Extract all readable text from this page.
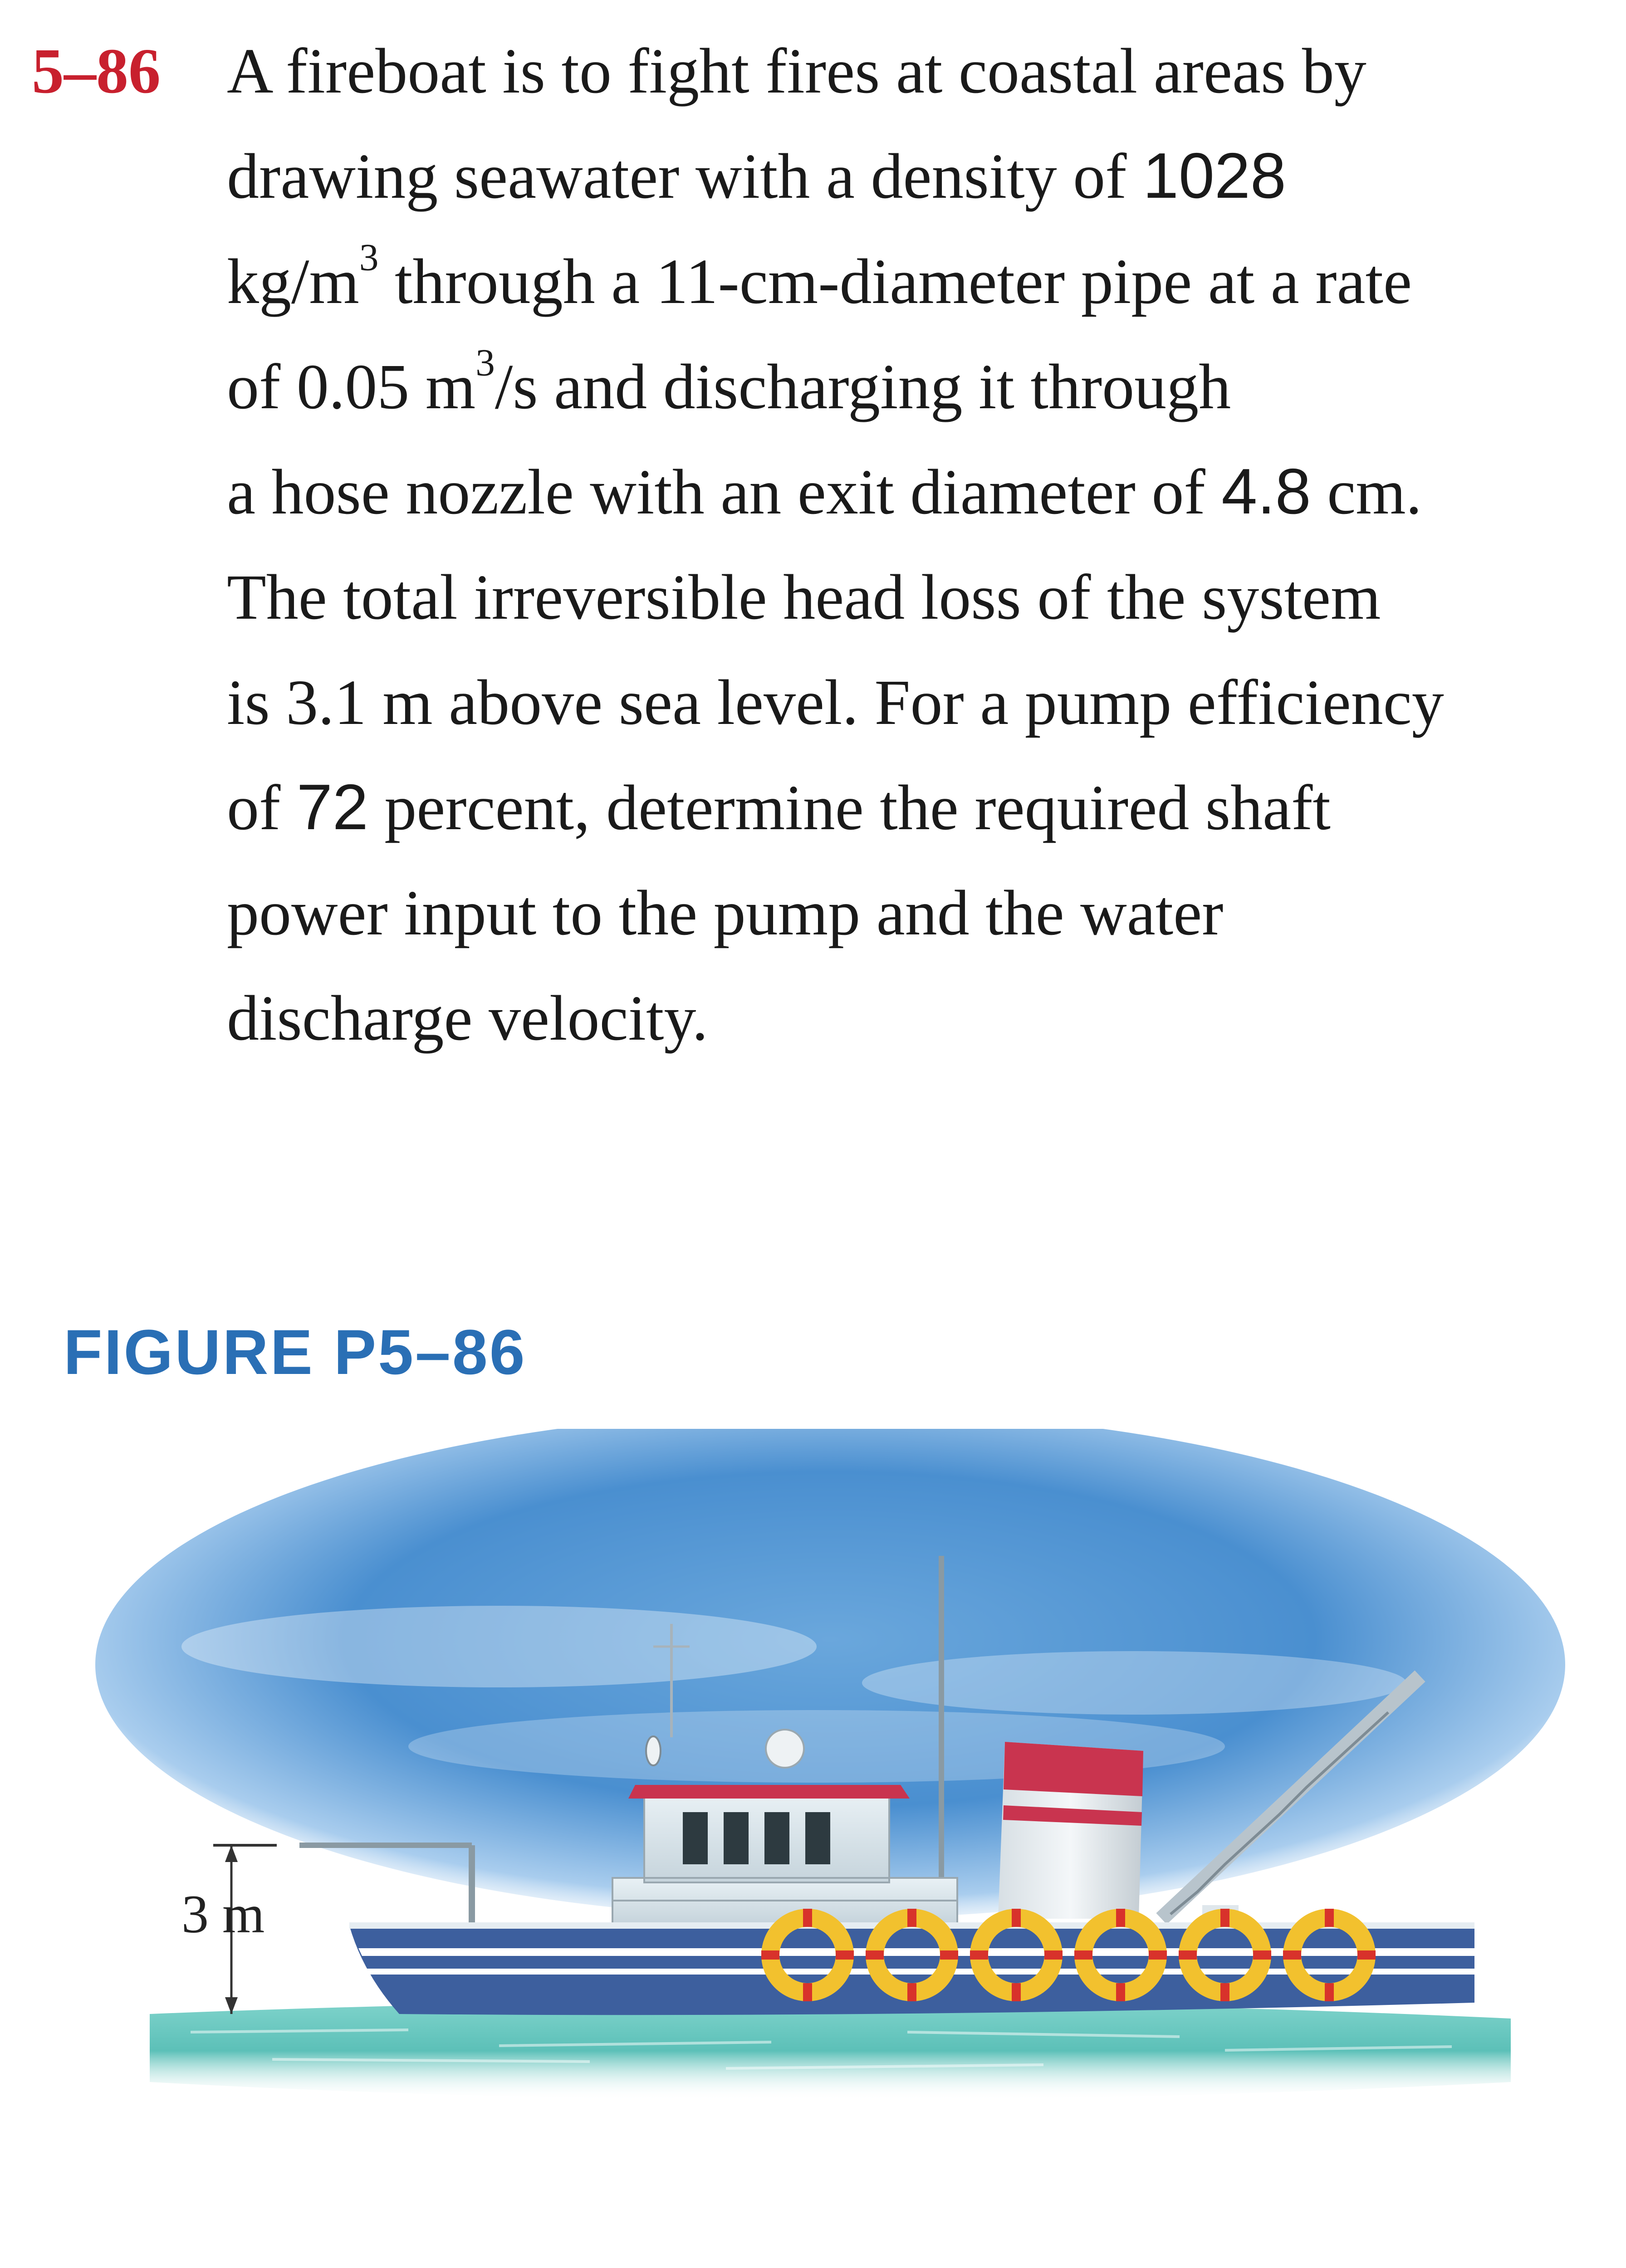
5–86 A fireboat is to fight fires at coastal areas by
drawing seawater with a density of 1028
$kg/m^3$ through a 11-cm-diameter pipe at a rate
of 0.05 $m^3/s$ and discharging it through
a hose nozzle with an exit diameter of 4.8 cm.
The total irreversible head loss of the system
is 3.1 m above sea level. For a pump efficiency
of 72 percent, determine the required shaft
power input to the pump and the water
discharge velocity.
FIGURE P5–86
3 m
